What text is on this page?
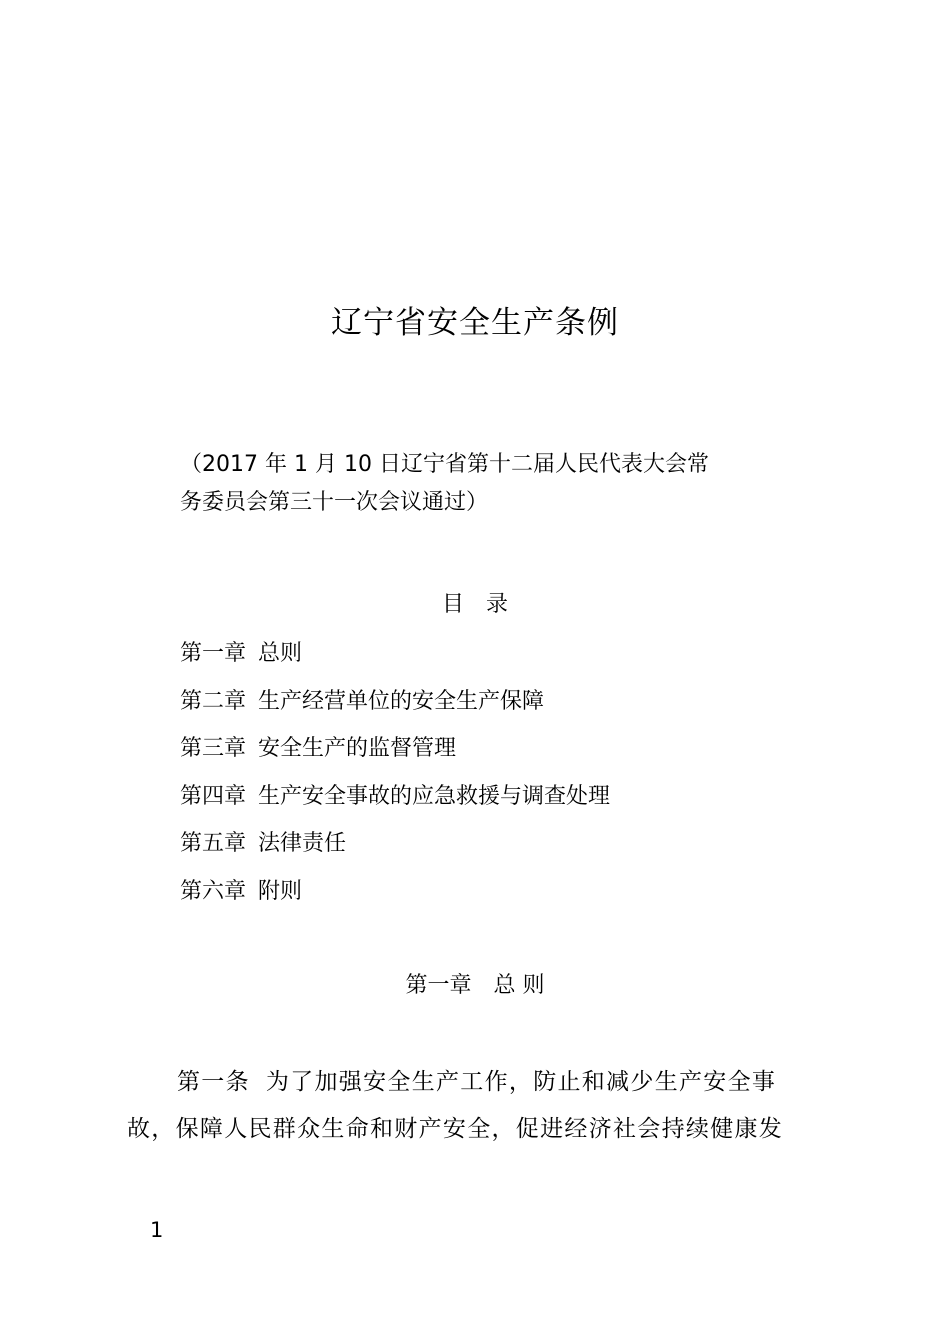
辽宁省安全生产条例
（2017 年 1 月 10 日辽宁省第十二届人民代表大会常
务委员会第三十一次会议通过）
目　录
第一章 总则
第二章 生产经营单位的安全生产保障
第三章 安全生产的监督管理
第四章 生产安全事故的应急救援与调查处理
第五章 法律责任
第六章 附则
第一章　总 则
第一条 为了加强安全生产工作，防止和减少生产安全事
故，保障人民群众生命和财产安全，促进经济社会持续健康发
1
